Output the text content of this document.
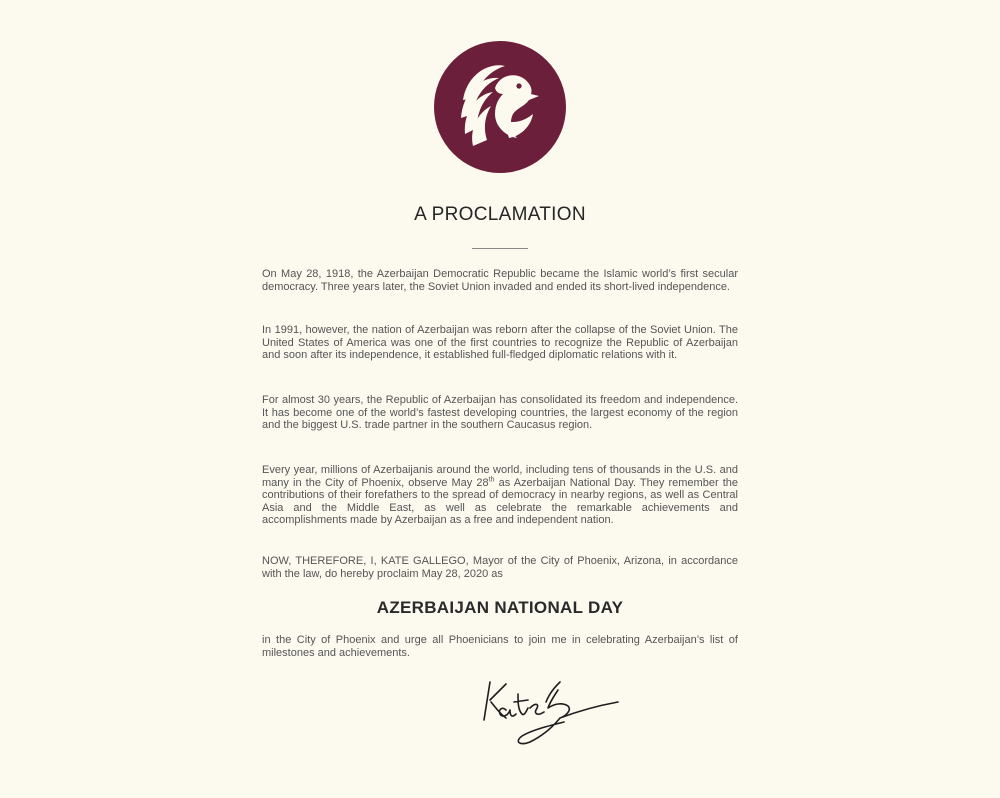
A PROCLAMATION

On May 28, 1918, the Azerbaijan Democratic Republic became the Islamic world’s first secular democracy. Three years later, the Soviet Union invaded and ended its short-lived independence.

In 1991, however, the nation of Azerbaijan was reborn after the collapse of the Soviet Union. The United States of America was one of the first countries to recognize the Republic of Azerbaijan and soon after its independence, it established full-fledged diplomatic relations with it.

For almost 30 years, the Republic of Azerbaijan has consolidated its freedom and independence. It has become one of the world’s fastest developing countries, the largest economy of the region and the biggest U.S. trade partner in the southern Caucasus region.

Every year, millions of Azerbaijanis around the world, including tens of thousands in the U.S. and many in the City of Phoenix, observe May 28th as Azerbaijan National Day. They remember the contributions of their forefathers to the spread of democracy in nearby regions, as well as Central Asia and the Middle East, as well as celebrate the remarkable achievements and accomplishments made by Azerbaijan as a free and independent nation.

NOW, THEREFORE, I, KATE GALLEGO, Mayor of the City of Phoenix, Arizona, in accordance with the law, do hereby proclaim May 28, 2020 as

AZERBAIJAN NATIONAL DAY

in the City of Phoenix and urge all Phoenicians to join me in celebrating Azerbaijan’s list of milestones and achievements.
